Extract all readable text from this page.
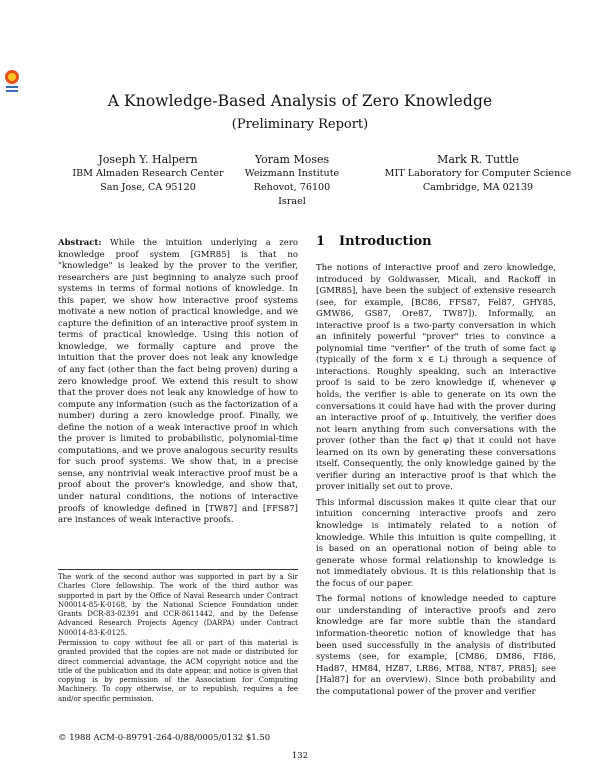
A Knowledge-Based Analysis of Zero Knowledge
(Preliminary Report)
Joseph Y. Halpern
IBM Almaden Research Center
San Jose, CA 95120
Yoram Moses
Weizmann Institute
Rehovot, 76100
Israel
Mark R. Tuttle
MIT Laboratory for Computer Science
Cambridge, MA 02139
Abstract: While the intuition underlying a zero knowledge proof system [GMR85] is that no "knowledge" is leaked by the prover to the verifier, researchers are just beginning to analyze such proof systems in terms of formal notions of knowledge. In this paper, we show how interactive proof systems motivate a new notion of practical knowledge, and we capture the definition of an interactive proof system in terms of practical knowledge. Using this notion of knowledge, we formally capture and prove the intuition that the prover does not leak any knowledge of any fact (other than the fact being proven) during a zero knowledge proof. We extend this result to show that the prover does not leak any knowledge of how to compute any information (such as the factorization of a number) during a zero knowledge proof. Finally, we define the notion of a weak interactive proof in which the prover is limited to probabilistic, polynomial-time computations, and we prove analogous security results for such proof systems. We show that, in a precise sense, any nontrivial weak interactive proof must be a proof about the prover's knowledge, and show that, under natural conditions, the notions of interactive proofs of knowledge defined in [TW87] and [FFS87] are instances of weak interactive proofs.
The work of the second author was supported in part by a Sir Charles Clore fellowship. The work of the third author was supported in part by the Office of Naval Research under Contract N00014-85-K-0168, by the National Science Foundation under Grants DCR-83-02391 and CCR-8611442, and by the Defense Advanced Research Projects Agency (DARPA) under Contract N00014-83-K-0125.
Permission to copy without fee all or part of this material is granted provided that the copies are not made or distributed for direct commercial advantage, the ACM copyright notice and the title of the publication and its date appear, and notice is given that copying is by permission of the Association for Computing Machinery. To copy otherwise, or to republish, requires a fee and/or specific permission.
© 1988 ACM-0-89791-264-0/88/0005/0132 $1.50
1 Introduction

The notions of interactive proof and zero knowledge, introduced by Goldwasser, Micali, and Rackoff in [GMR85], have been the subject of extensive research (see, for example, [BC86, FFS87, Fel87, GHY85, GMW86, GS87, Ore87, TW87]). Informally, an interactive proof is a two-party conversation in which an infinitely powerful "prover" tries to convince a polynomial time "verifier" of the truth of some fact φ (typically of the form x ∈ L) through a sequence of interactions. Roughly speaking, such an interactive proof is said to be zero knowledge if, whenever φ holds, the verifier is able to generate on its own the conversations it could have had with the prover during an interactive proof of φ. Intuitively, the verifier does not learn anything from such conversations with the prover (other than the fact φ) that it could not have learned on its own by generating these conversations itself. Consequently, the only knowledge gained by the verifier during an interactive proof is that which the prover initially set out to prove.

This informal discussion makes it quite clear that our intuition concerning interactive proofs and zero knowledge is intimately related to a notion of knowledge. While this intuition is quite compelling, it is based on an operational notion of being able to generate whose formal relationship to knowledge is not immediately obvious. It is this relationship that is the focus of our paper.

The formal notions of knowledge needed to capture our understanding of interactive proofs and zero knowledge are far more subtle than the standard information-theoretic notion of knowledge that has been used successfully in the analysis of distributed systems (see, for example, [CM86, DM86, FI86, Had87, HM84, HZ87, LR86, MT88, NT87, PR85]; see [Hal87] for an overview). Since both probability and the computational power of the prover and verifier

132
